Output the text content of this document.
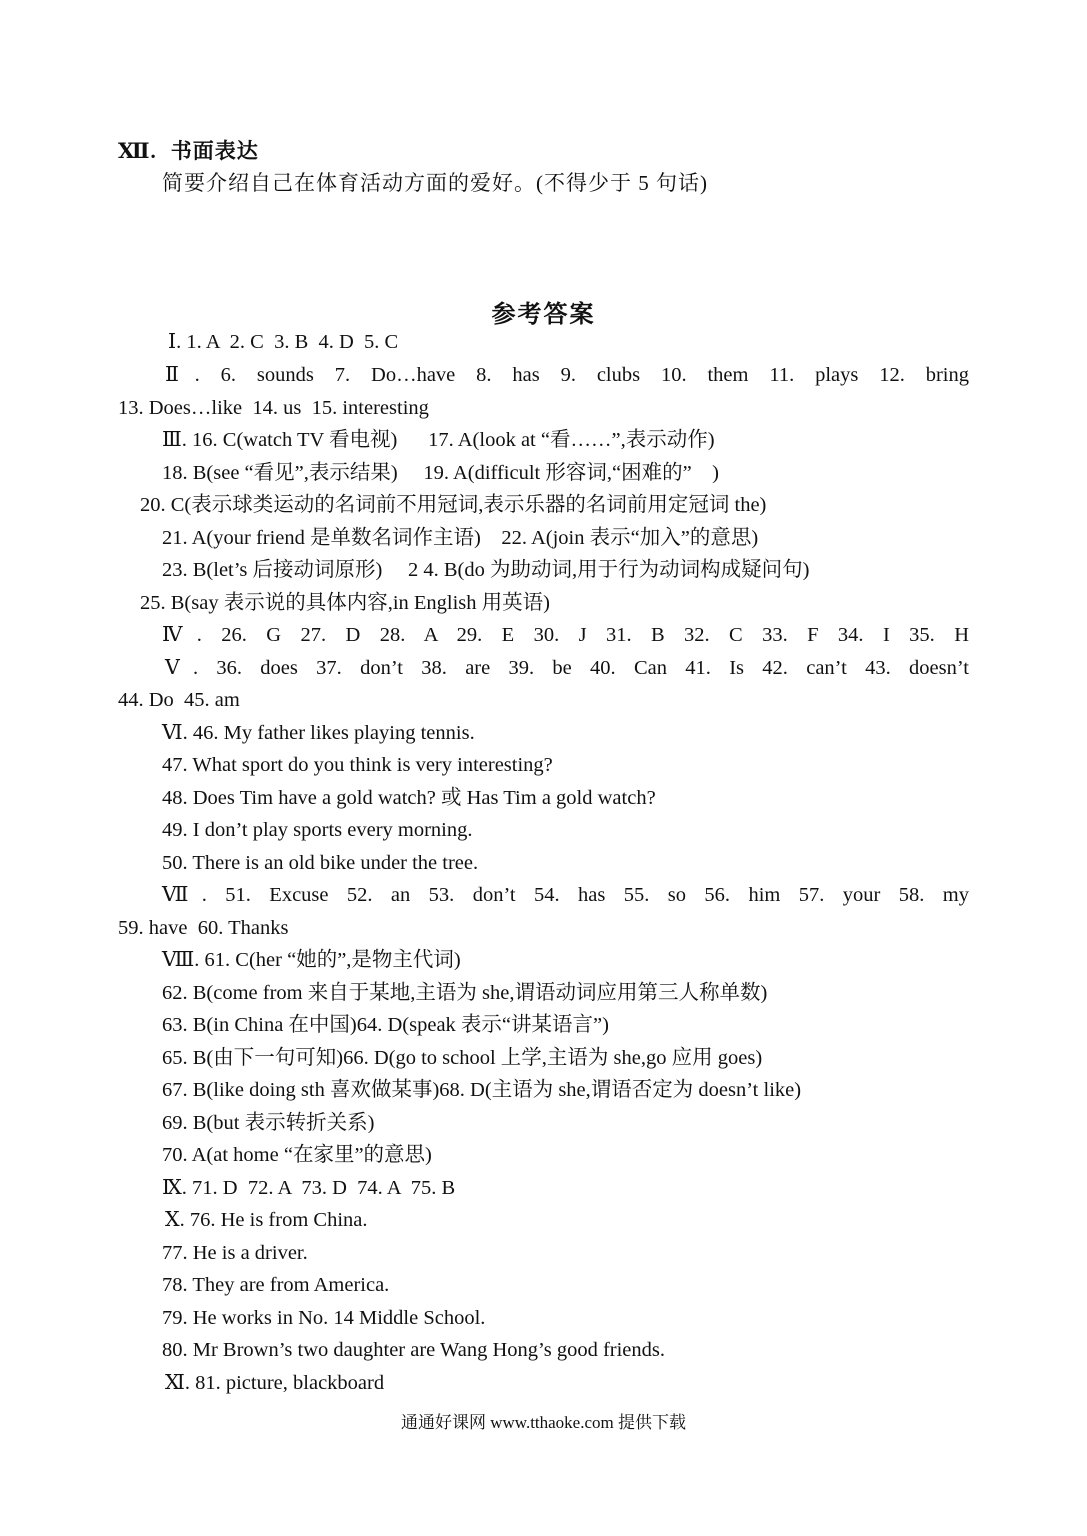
Ⅻ. 书面表达
简要介绍自己在体育活动方面的爱好。(不得少于 5 句话)
参考答案
Ⅰ. 1. A  2. C  3. B  4. D  5. C
Ⅱ. 6. sounds 7. Do…have 8. has 9. clubs 10. them 11. plays 12. bring
13. Does…like  14. us  15. interesting
Ⅲ. 16. C(watch TV 看电视)      17. A(look at “看……”,表示动作)
18. B(see “看见”,表示结果)     19. A(difficult 形容词,“困难的”    )
20. C(表示球类运动的名词前不用冠词,表示乐器的名词前用定冠词 the)
21. A(your friend 是单数名词作主语)    22. A(join 表示“加入”的意思)
23. B(let’s 后接动词原形)     2 4. B(do 为助动词,用于行为动词构成疑问句)
25. B(say 表示说的具体内容,in English 用英语)
Ⅳ. 26. G 27. D 28. A 29. E 30. J 31. B 32. C 33. F 34. I 35. H
Ⅴ. 36. does 37. don’t 38. are 39. be 40. Can 41. Is 42. can’t 43. doesn’t
44. Do  45. am
Ⅵ. 46. My father likes playing tennis.
47. What sport do you think is very interesting?
48. Does Tim have a gold watch? 或 Has Tim a gold watch?
49. I don’t play sports every morning.
50. There is an old bike under the tree.
Ⅶ. 51. Excuse 52. an 53. don’t 54. has 55. so 56. him 57. your 58. my
59. have  60. Thanks
Ⅷ. 61. C(her “她的”,是物主代词)
62. B(come from 来自于某地,主语为 she,谓语动词应用第三人称单数)
63. B(in China 在中国)64. D(speak 表示“讲某语言”)
65. B(由下一句可知)66. D(go to school 上学,主语为 she,go 应用 goes)
67. B(like doing sth 喜欢做某事)68. D(主语为 she,谓语否定为 doesn’t like)
69. B(but 表示转折关系)
70. A(at home “在家里”的意思)
Ⅸ. 71. D  72. A  73. D  74. A  75. B
Ⅹ. 76. He is from China.
77. He is a driver.
78. They are from America.
79. He works in No. 14 Middle School.
80. Mr Brown’s two daughter are Wang Hong’s good friends.
Ⅺ. 81. picture, blackboard
通通好课网 www.tthaoke.com 提供下载
